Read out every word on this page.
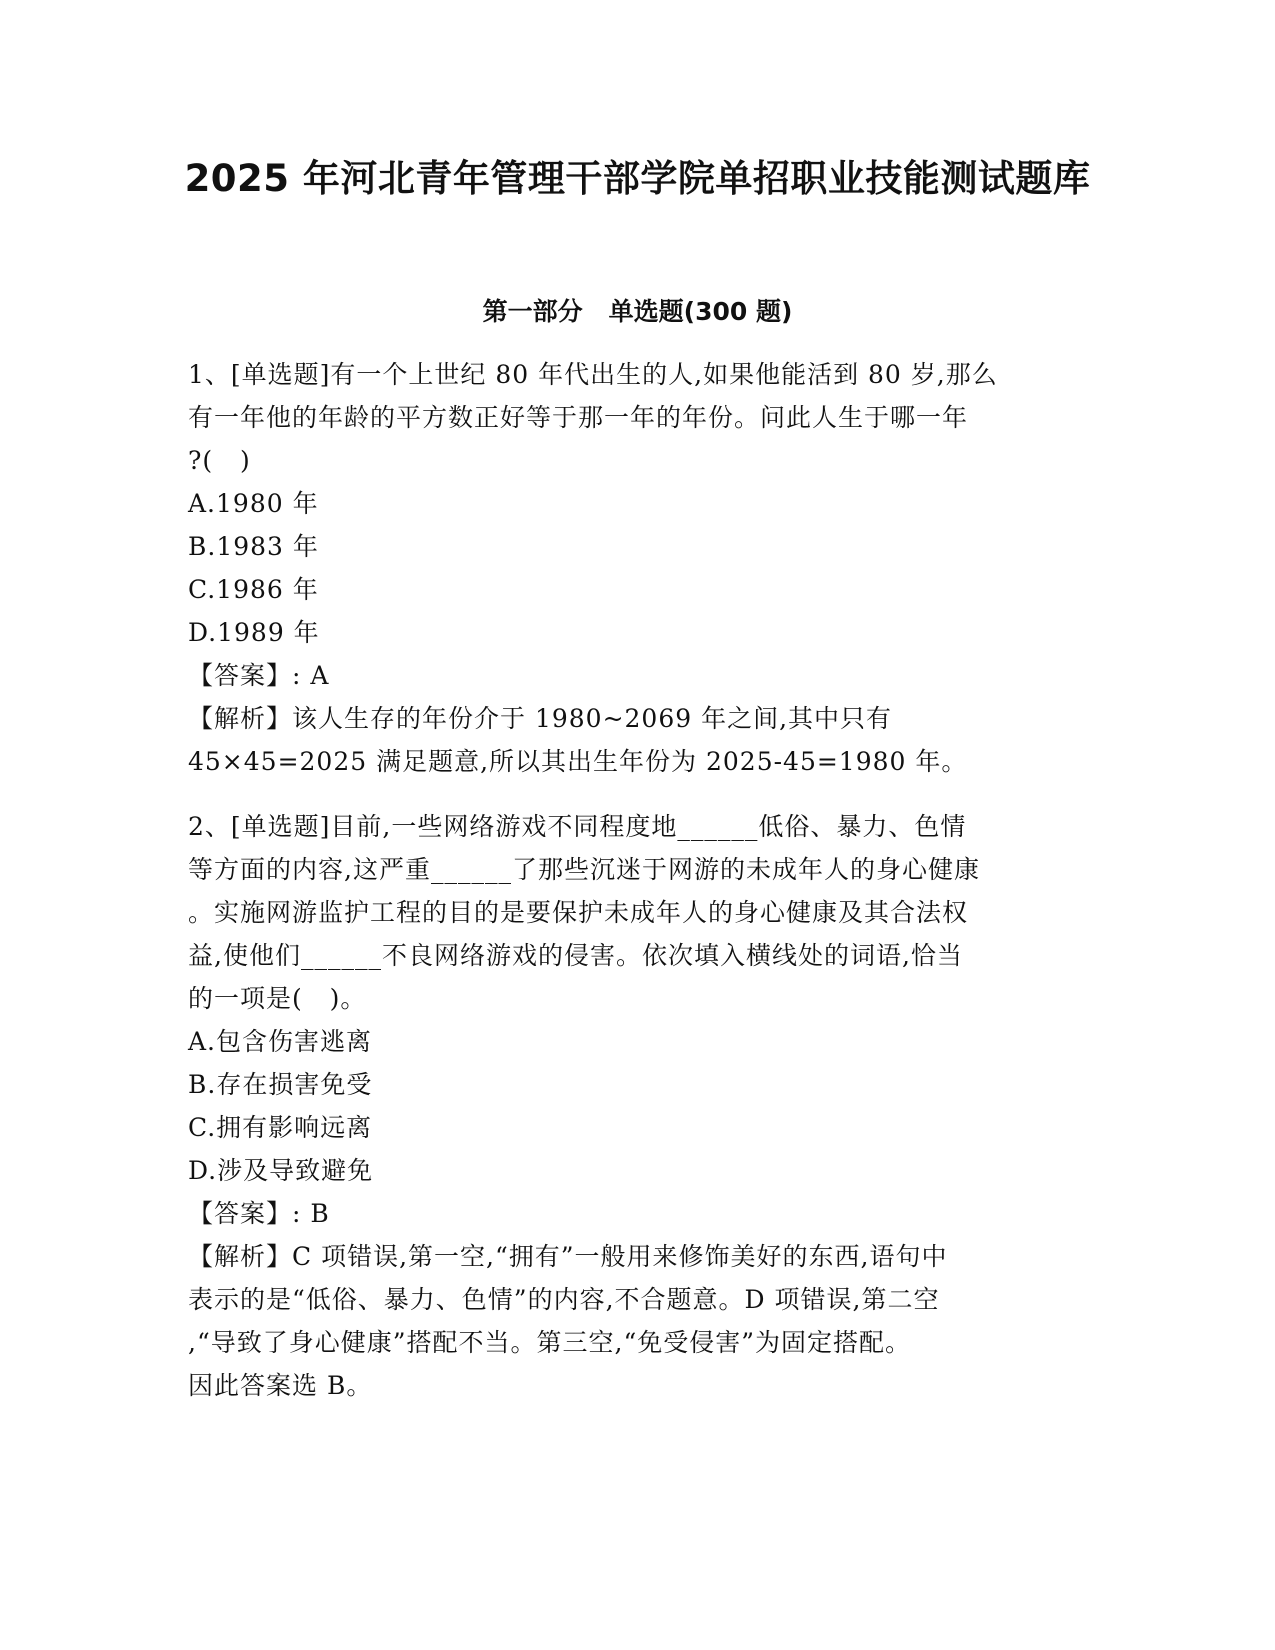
2025 年河北青年管理干部学院单招职业技能测试题库
第一部分   单选题(300 题)
1、[单选题]有一个上世纪 80 年代出生的人,如果他能活到 80 岁,那么
有一年他的年龄的平方数正好等于那一年的年份。问此人生于哪一年
?(   )
A.1980 年
B.1983 年
C.1986 年
D.1989 年
【答案】: A
【解析】该人生存的年份介于 1980~2069 年之间,其中只有
45×45=2025 满足题意,所以其出生年份为 2025-45=1980 年。
2、[单选题]目前,一些网络游戏不同程度地______低俗、暴力、色情
等方面的内容,这严重______了那些沉迷于网游的未成年人的身心健康
。实施网游监护工程的目的是要保护未成年人的身心健康及其合法权
益,使他们______不良网络游戏的侵害。依次填入横线处的词语,恰当
的一项是(   )。
A.包含伤害逃离
B.存在损害免受
C.拥有影响远离
D.涉及导致避免
【答案】: B
【解析】C 项错误,第一空,“拥有”一般用来修饰美好的东西,语句中
表示的是“低俗、暴力、色情”的内容,不合题意。D 项错误,第二空
,“导致了身心健康”搭配不当。第三空,“免受侵害”为固定搭配。
因此答案选 B。
